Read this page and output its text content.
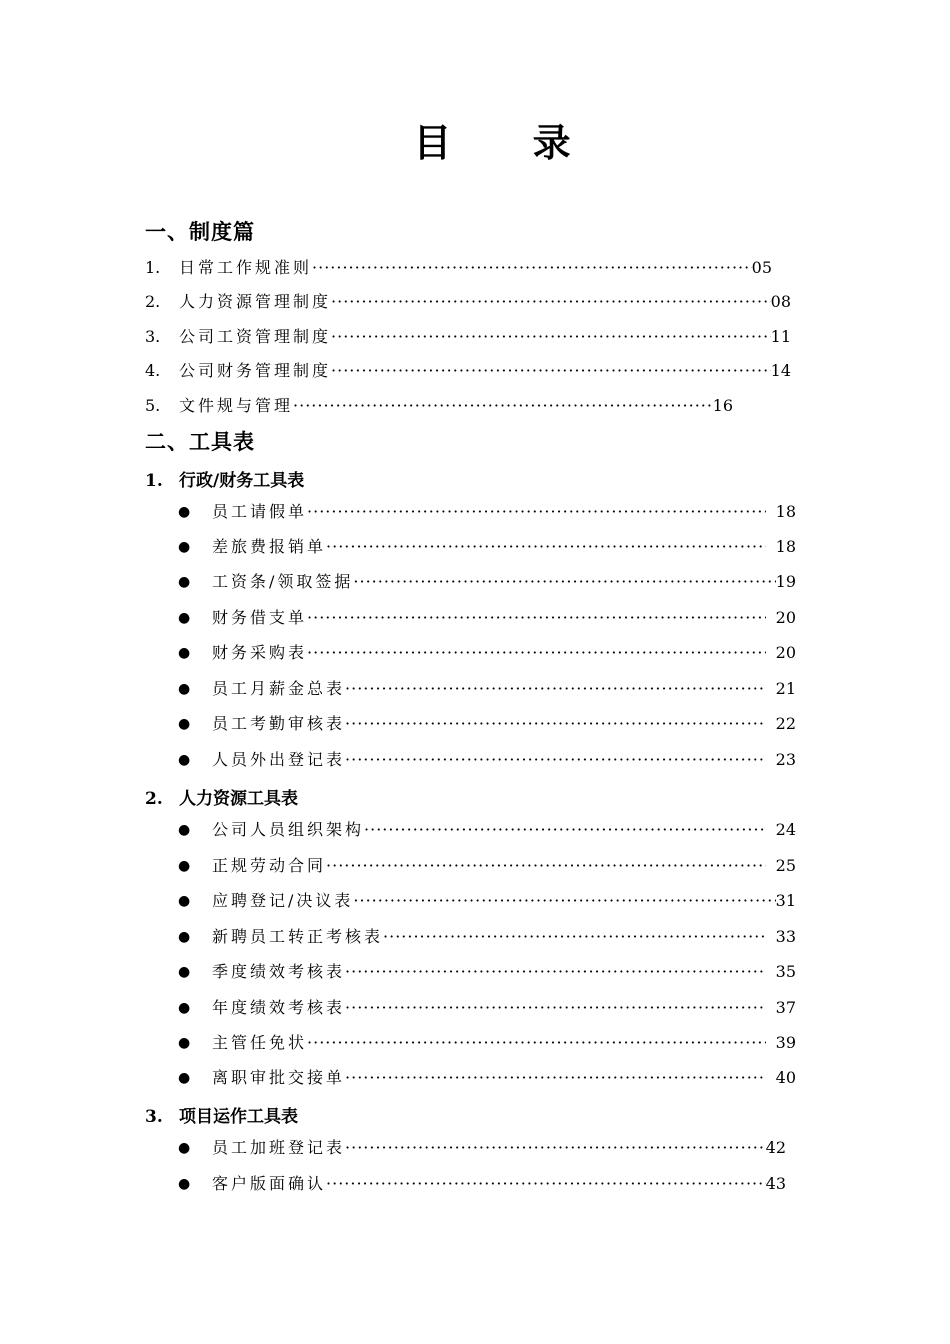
目 录
一、制度篇
1.	日常工作规准则 ·····	05
2.	人力资源管理制度 ·····	08
3.	公司工资管理制度 ·····	11
4.	公司财务管理制度 ·····	14
5.	文件规与管理 ·····	16
二、工具表
1. 行政/财务工具表
●	员工请假单 ·····	18
●	差旅费报销单 ·····	18
●	工资条/领取签据 ·····	19
●	财务借支单 ·····	20
●	财务采购表 ·····	20
●	员工月薪金总表 ·····	21
●	员工考勤审核表 ·····	22
●	人员外出登记表 ·····	23
2. 人力资源工具表
●	公司人员组织架构 ·····	24
●	正规劳动合同 ·····	25
●	应聘登记/决议表 ·····	31
●	新聘员工转正考核表 ·····	33
●	季度绩效考核表 ·····	35
●	年度绩效考核表 ·····	37
●	主管任免状 ·····	39
●	离职审批交接单 ·····	40
3. 项目运作工具表
●	员工加班登记表 ·····	42
●	客户版面确认 ·····	43
